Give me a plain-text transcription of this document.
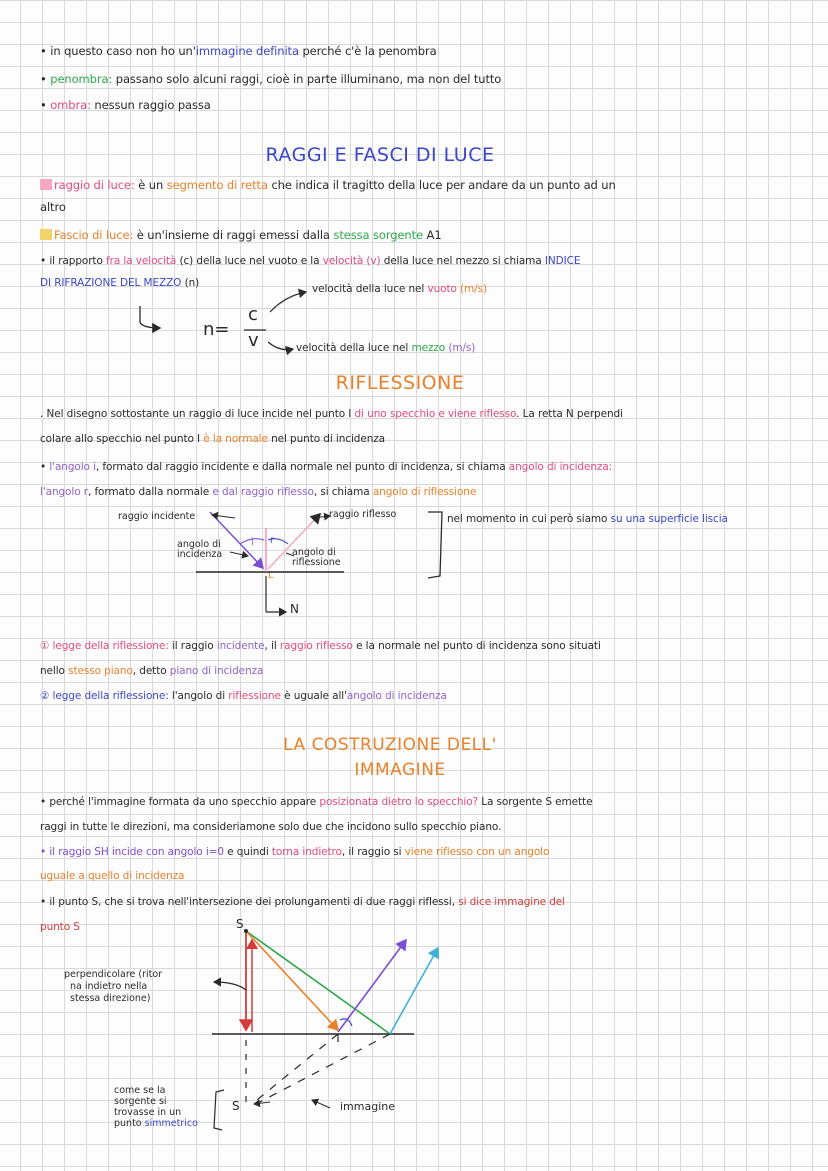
• in questo caso non ho un'immagine definita perché c'è la penombra
• penombra: passano solo alcuni raggi, cioè in parte illuminano, ma non del tutto
• ombra: nessun raggio passa
RAGGI E FASCI DI LUCE
raggio di luce: è un segmento di retta che indica il tragitto della luce per andare da un punto ad un
altro
Fascio di luce: è un'insieme di raggi emessi dalla stessa sorgente A1
• il rapporto fra la velocità (c) della luce nel vuoto e la velocità (v) della luce nel mezzo si chiama INDICE
DI RIFRAZIONE DEL MEZZO (n)
n=
c
v
velocità della luce nel vuoto (m/s)
velocità della luce nel mezzo (m/s)
RIFLESSIONE
. Nel disegno sottostante un raggio di luce incide nel punto I di uno specchio e viene riflesso. La retta N perpendi
colare allo specchio nel punto I è la normale nel punto di incidenza
• l'angolo i, formato dal raggio incidente e dalla normale nel punto di incidenza, si chiama angolo di incidenza:
l'angolo r, formato dalla normale e dal raggio riflesso, si chiama angolo di riflessione
raggio incidente	raggio riflesso
angolo di incidenza	angolo di riflessione
i r
L
N
nel momento in cui però siamo su una superficie liscia
① legge della riflessione: il raggio incidente, il raggio riflesso e la normale nel punto di incidenza sono situati
nello stesso piano, detto piano di incidenza
② legge della riflessione: l'angolo di riflessione è uguale all'angolo di incidenza
LA COSTRUZIONE DELL'
IMMAGINE
• perché l'immagine formata da uno specchio appare posizionata dietro lo specchio? La sorgente S emette
raggi in tutte le direzioni, ma consideriamone solo due che incidono sullo specchio piano.
• il raggio SH incide con angolo i=0 e quindi torna indietro, il raggio si viene riflesso con un angolo
uguale a quello di incidenza
• il punto S, che si trova nell'intersezione dei prolungamenti di due raggi riflessi, si dice immagine del
punto S	S
S
perpendicolare (ritor
na indietro nella
stessa direzione)
immagine
come se la
sorgente si
trovasse in un
punto simmetrico
